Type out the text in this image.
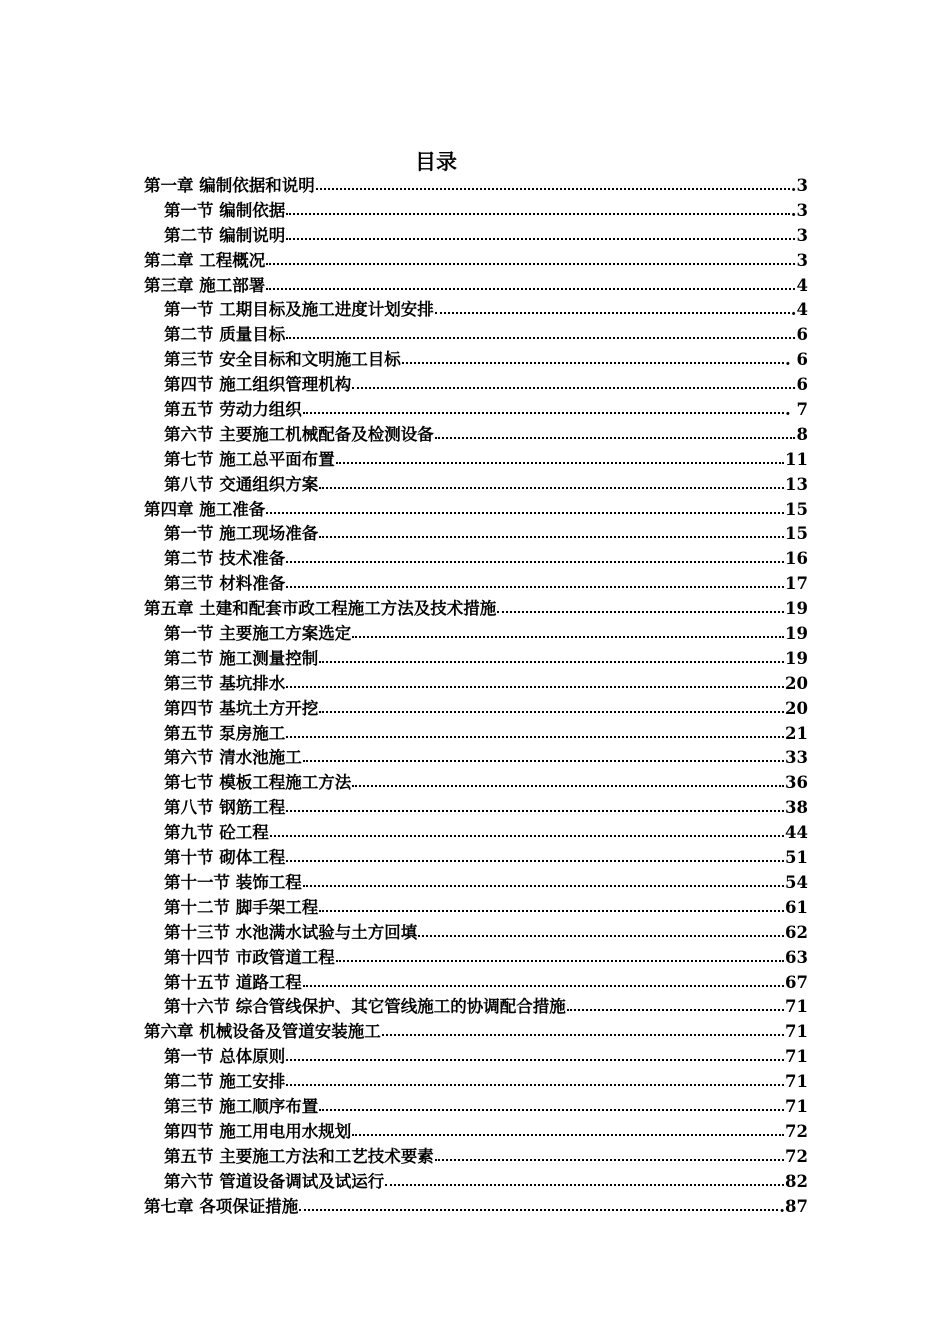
目录
第一章 编制依据和说明	.3
第一节 编制依据	.3
第二节 编制说明	3
第二章 工程概况	3
第三章 施工部署	4
第一节 工期目标及施工进度计划安排	.4
第二节 质量目标	6
第三节 安全目标和文明施工目标	. 6
第四节 施工组织管理机构	6
第五节 劳动力组织	. 7
第六节 主要施工机械配备及检测设备	8
第七节 施工总平面布置	11
第八节 交通组织方案	13
第四章 施工准备	15
第一节 施工现场准备	15
第二节 技术准备	16
第三节 材料准备	17
第五章 土建和配套市政工程施工方法及技术措施	19
第一节 主要施工方案选定	19
第二节 施工测量控制	19
第三节 基坑排水	20
第四节 基坑土方开挖	20
第五节 泵房施工	21
第六节 清水池施工	33
第七节 模板工程施工方法	36
第八节 钢筋工程	38
第九节 砼工程	44
第十节 砌体工程	51
第十一节 装饰工程	54
第十二节 脚手架工程	61
第十三节 水池满水试验与土方回填	62
第十四节 市政管道工程	63
第十五节 道路工程	67
第十六节 综合管线保护、其它管线施工的协调配合措施	71
第六章 机械设备及管道安装施工	71
第一节 总体原则	71
第二节 施工安排	71
第三节 施工顺序布置	71
第四节 施工用电用水规划	72
第五节 主要施工方法和工艺技术要素	72
第六节 管道设备调试及试运行	82
第七章 各项保证措施	.87
